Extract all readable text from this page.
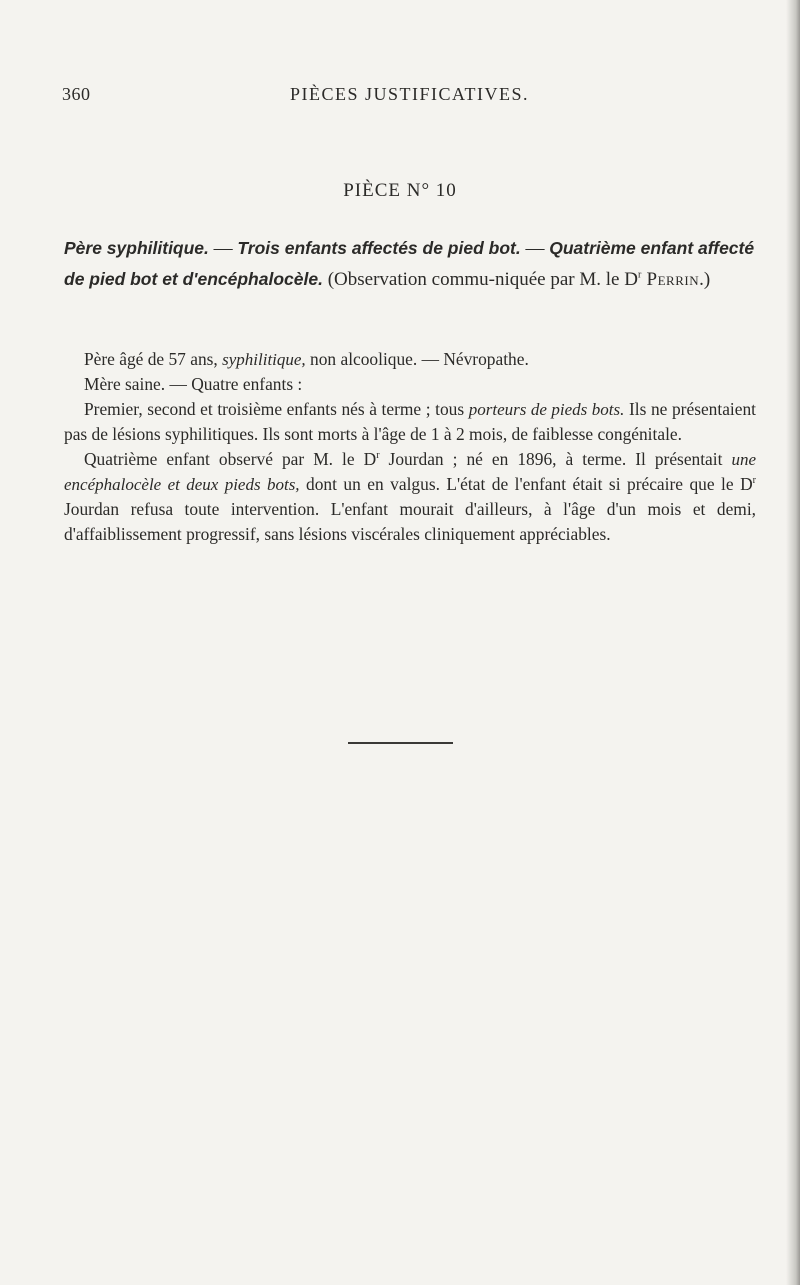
360	PIÈCES JUSTIFICATIVES.
PIÈCE N° 10
Père syphilitique. — Trois enfants affectés de pied bot. — Quatrième enfant affecté de pied bot et d'encéphalocèle. (Observation commu-niquée par M. le $D^r$ Perrin.)

Père âgé de 57 ans, syphilitique, non alcoolique. — Névropathe.

Mère saine. — Quatre enfants :

Premier, second et troisième enfants nés à terme ; tous porteurs de pieds bots. Ils ne présentaient pas de lésions syphilitiques. Ils sont morts à l'âge de 1 à 2 mois, de faiblesse congénitale.

Quatrième enfant observé par M. le $D^r$ Jourdan ; né en 1896, à terme. Il présentait une encéphalocèle et deux pieds bots, dont un en valgus. L'état de l'enfant était si précaire que le $D^r$ Jourdan refusa toute intervention. L'enfant mourait d'ailleurs, à l'âge d'un mois et demi, d'affaiblissement progressif, sans lésions viscérales cliniquement appréciables.
